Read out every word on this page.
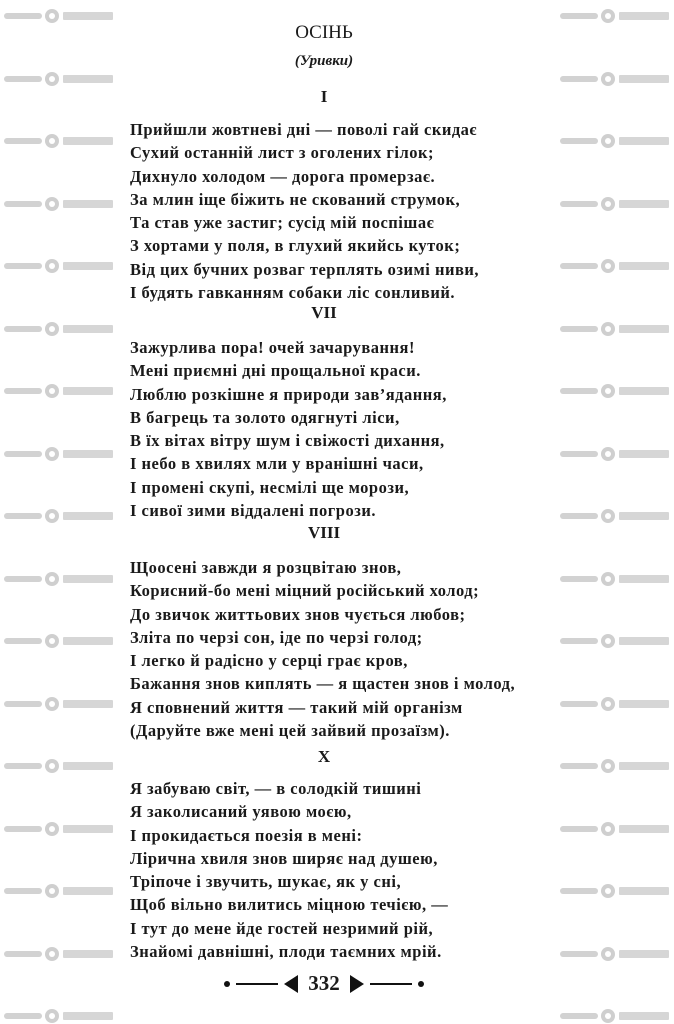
ОСІНЬ
(Уривки)
I
Прийшли жовтневі дні — поволі гай скидає
Сухий останній лист з оголених гілок;
Дихнуло холодом — дорога промерзає.
За млин іще біжить не скований струмок,
Та став уже застиг; сусід мій поспішає
З хортами у поля, в глухий якийсь куток;
Від цих бучних розваг терплять озимі ниви,
І будять гавканням собаки ліс сонливий.
VII
Зажурлива пора! очей зачарування!
Мені приємні дні прощальної краси.
Люблю розкішне я природи зав’ядання,
В багрець та золото одягнуті ліси,
В їх вітах вітру шум і свіжості дихання,
І небо в хвилях мли у вранішні часи,
І промені скупі, несмілі ще морози,
І сивої зими віддалені погрози.
VIII
Щоосені завжди я розцвітаю знов,
Корисний-бо мені міцний російський холод;
До звичок життьових знов чується любов;
Зліта по черзі сон, іде по черзі голод;
І легко й радісно у серці грає кров,
Бажання знов киплять — я щастен знов і молод,
Я сповнений життя — такий мій організм
(Даруйте вже мені цей зайвий прозаїзм).
X
Я забуваю світ, — в солодкій тишині
Я заколисаний уявою моєю,
І прокидається поезія в мені:
Лірична хвиля знов ширяє над душею,
Тріпоче і звучить, шукає, як у сні,
Щоб вільно вилитись міцною течією, —
І тут до мене йде гостей незримий рій,
Знайомі давнішні, плоди таємних мрій.
332
